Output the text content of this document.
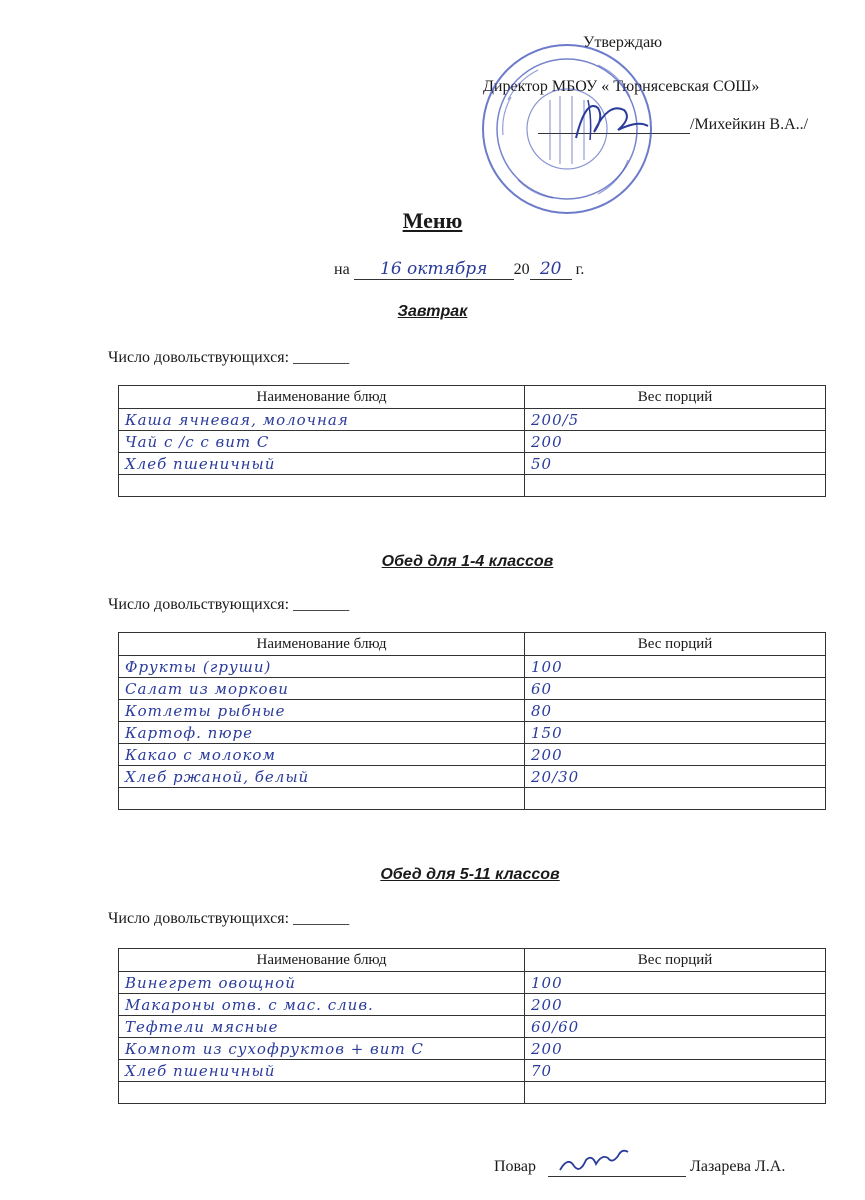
Утверждаю
Директор МБОУ « Тюрнясевская СОШ»
/Михейкин В.А../
Меню
на 16 октября 20 20 г.
Завтрак
Число довольствующихся: _______
Наименование блюд	Вес порций
Каша ячневая, молочная	200/5
Чай с /с с вит С	200
Хлеб пшеничный	50

Обед для 1-4 классов
Число довольствующихся: _______
Наименование блюд	Вес порций
Фрукты (груши)	100
Салат из моркови	60
Котлеты рыбные	80
Картоф. пюре	150
Какао с молоком	200
Хлеб ржаной, белый	20/30

Обед для 5-11 классов
Число довольствующихся: _______
Наименование блюд	Вес порций
Винегрет овощной	100
Макароны отв. с мас. слив.	200
Тефтели мясные	60/60
Компот из сухофруктов + вит С	200
Хлеб пшеничный	70

Повар	Лазарева Л.А.
